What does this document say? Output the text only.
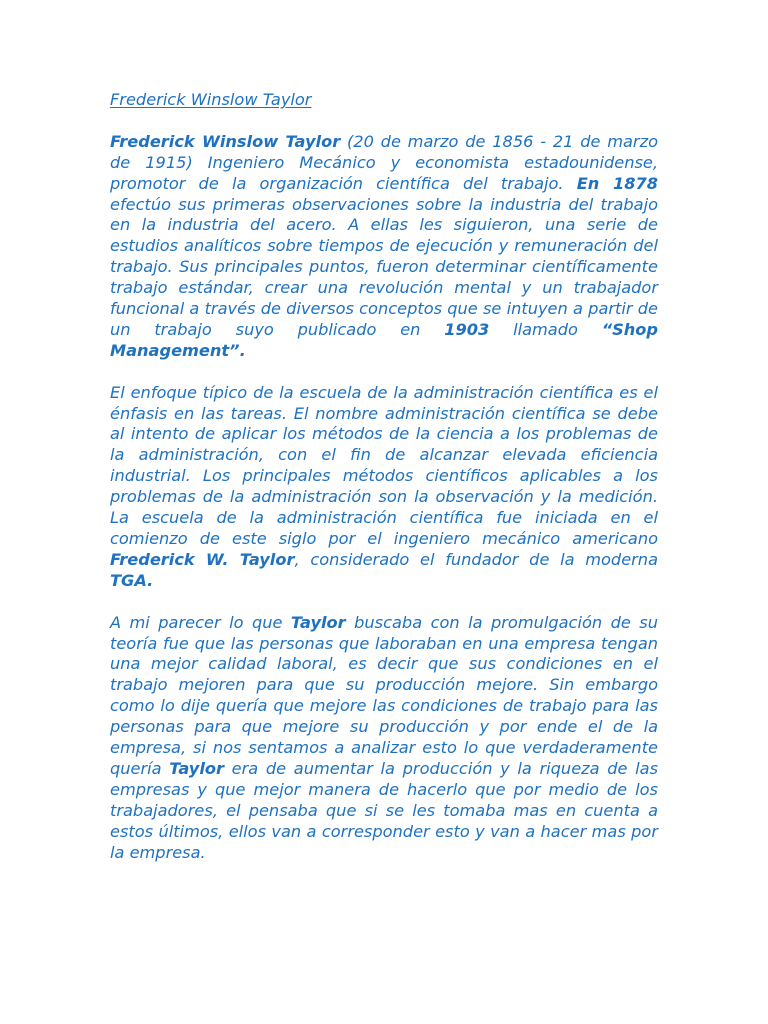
Frederick Winslow Taylor

Frederick Winslow Taylor (20 de marzo de 1856 - 21 de marzo de 1915) Ingeniero Mecánico y economista estadounidense, promotor de la organización científica del trabajo. En 1878 efectúo sus primeras observaciones sobre la industria del trabajo en la industria del acero. A ellas les siguieron, una serie de estudios analíticos sobre tiempos de ejecución y remuneración del trabajo. Sus principales puntos, fueron determinar científicamente trabajo estándar, crear una revolución mental y un trabajador funcional a través de diversos conceptos que se intuyen a partir de un trabajo suyo publicado en 1903 llamado “Shop Management”.

El enfoque típico de la escuela de la administración científica es el énfasis en las tareas. El nombre administración científica se debe al intento de aplicar los métodos de la ciencia a los problemas de la administración, con el fin de alcanzar elevada eficiencia industrial. Los principales métodos científicos aplicables a los problemas de la administración son la observación y la medición. La escuela de la administración científica fue iniciada en el comienzo de este siglo por el ingeniero mecánico americano Frederick W. Taylor, considerado el fundador de la moderna TGA.

A mi parecer lo que Taylor buscaba con la promulgación de su teoría fue que las personas que laboraban en una empresa tengan una mejor calidad laboral, es decir que sus condiciones en el trabajo mejoren para que su producción mejore. Sin embargo como lo dije quería que mejore las condiciones de trabajo para las personas para que mejore su producción y por ende el de la empresa, si nos sentamos a analizar esto lo que verdaderamente quería Taylor era de aumentar la producción y la riqueza de las empresas y que mejor manera de hacerlo que por medio de los trabajadores, el pensaba que si se les tomaba mas en cuenta a estos últimos, ellos van a corresponder esto y van a hacer mas por la empresa.
